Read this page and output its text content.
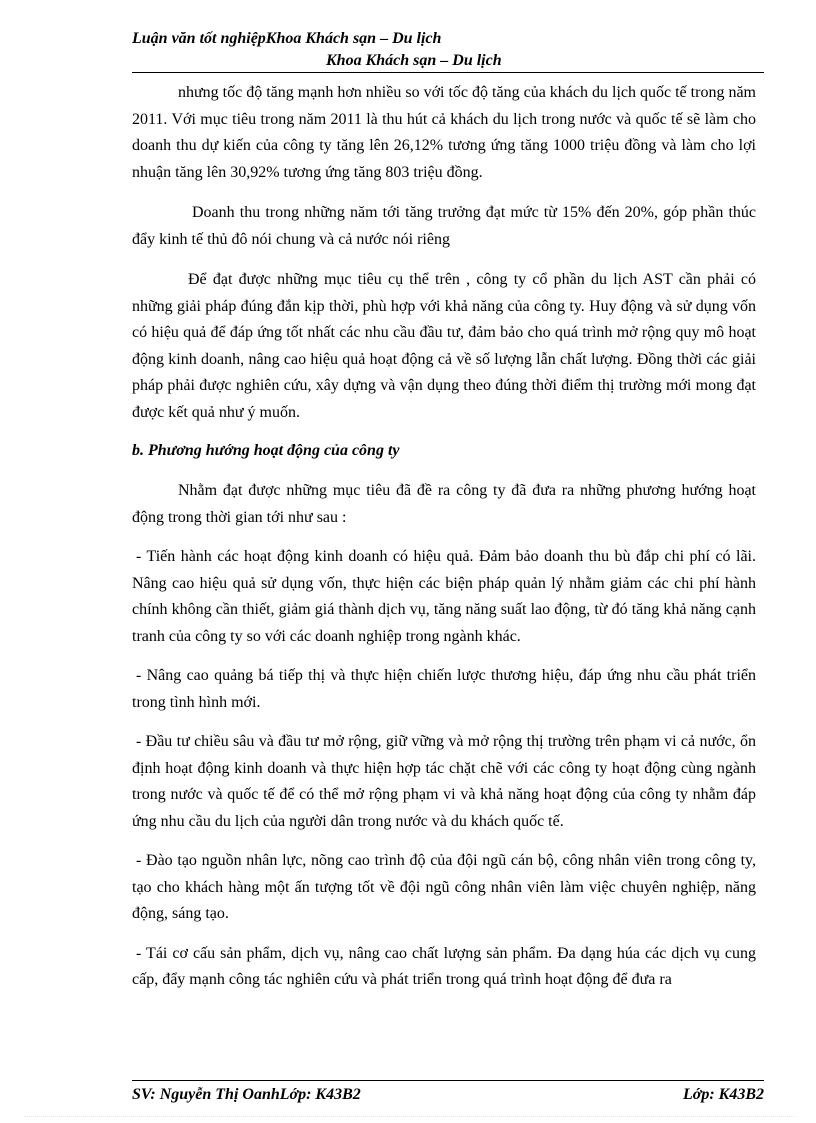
Luận văn tốt nghiệpKhoa Khách sạn – Du lịch
Khoa Khách sạn – Du lịch

nhưng tốc độ tăng mạnh hơn nhiều so với tốc độ tăng của khách du lịch quốc tế trong năm 2011. Với mục tiêu trong năm 2011 là thu hút cả khách du lịch trong nước và quốc tế sẽ làm cho doanh thu dự kiến của công ty tăng lên 26,12% tương ứng tăng 1000 triệu đồng và làm cho lợi nhuận tăng lên 30,92% tương ứng tăng 803 triệu đồng.

Doanh thu trong những năm tới tăng trưởng đạt mức từ 15% đến 20%, góp phần thúc đẩy kinh tế thủ đô nói chung và cả nước nói riêng

Để đạt được những mục tiêu cụ thể trên , công ty cổ phần du lịch AST cần phải có những giải pháp đúng đắn kịp thời, phù hợp với khả năng của công ty. Huy động và sử dụng vốn có hiệu quả để đáp ứng tốt nhất các nhu cầu đầu tư, đảm bảo cho quá trình mở rộng quy mô hoạt động kinh doanh, nâng cao hiệu quả hoạt động cả về số lượng lẫn chất lượng. Đồng thời các giải pháp phải được nghiên cứu, xây dựng và vận dụng theo đúng thời điểm thị trường mới mong đạt được kết quả như ý muốn.

b. Phương hướng hoạt động của công ty

Nhằm đạt được những mục tiêu đã đề ra công ty đã đưa ra những phương hướng hoạt động trong thời gian tới như sau :

- Tiến hành các hoạt động kinh doanh có hiệu quả. Đảm bảo doanh thu bù đắp chi phí có lãi. Nâng cao hiệu quả sử dụng vốn, thực hiện các biện pháp quản lý nhằm giảm các chi phí hành chính không cần thiết, giảm giá thành dịch vụ, tăng năng suất lao động, từ đó tăng khả năng cạnh tranh của công ty so với các doanh nghiệp trong ngành khác.

- Nâng cao quảng bá tiếp thị và thực hiện chiến lược thương hiệu, đáp ứng nhu cầu phát triển trong tình hình mới.

- Đầu tư chiều sâu và đầu tư mở rộng, giữ vững và mở rộng thị trường trên phạm vi cả nước, ổn định hoạt động kinh doanh và thực hiện hợp tác chặt chẽ với các công ty hoạt động cùng ngành trong nước và quốc tế để có thể mở rộng phạm vi và khả năng hoạt động của công ty nhằm đáp ứng nhu cầu du lịch của người dân trong nước và du khách quốc tế.

- Đào tạo nguồn nhân lực, nõng cao trình độ của đội ngũ cán bộ, công nhân viên trong công ty, tạo cho khách hàng một ấn tượng tốt về đội ngũ công nhân viên làm việc chuyên nghiệp, năng động, sáng tạo.

- Tái cơ cấu sản phẩm, dịch vụ, nâng cao chất lượng sản phẩm. Đa dạng húa các dịch vụ cung cấp, đẩy mạnh công tác nghiên cứu và phát triển trong quá trình hoạt động để đưa ra

SV: Nguyễn Thị OanhLớp: K43B2	Lớp: K43B2
